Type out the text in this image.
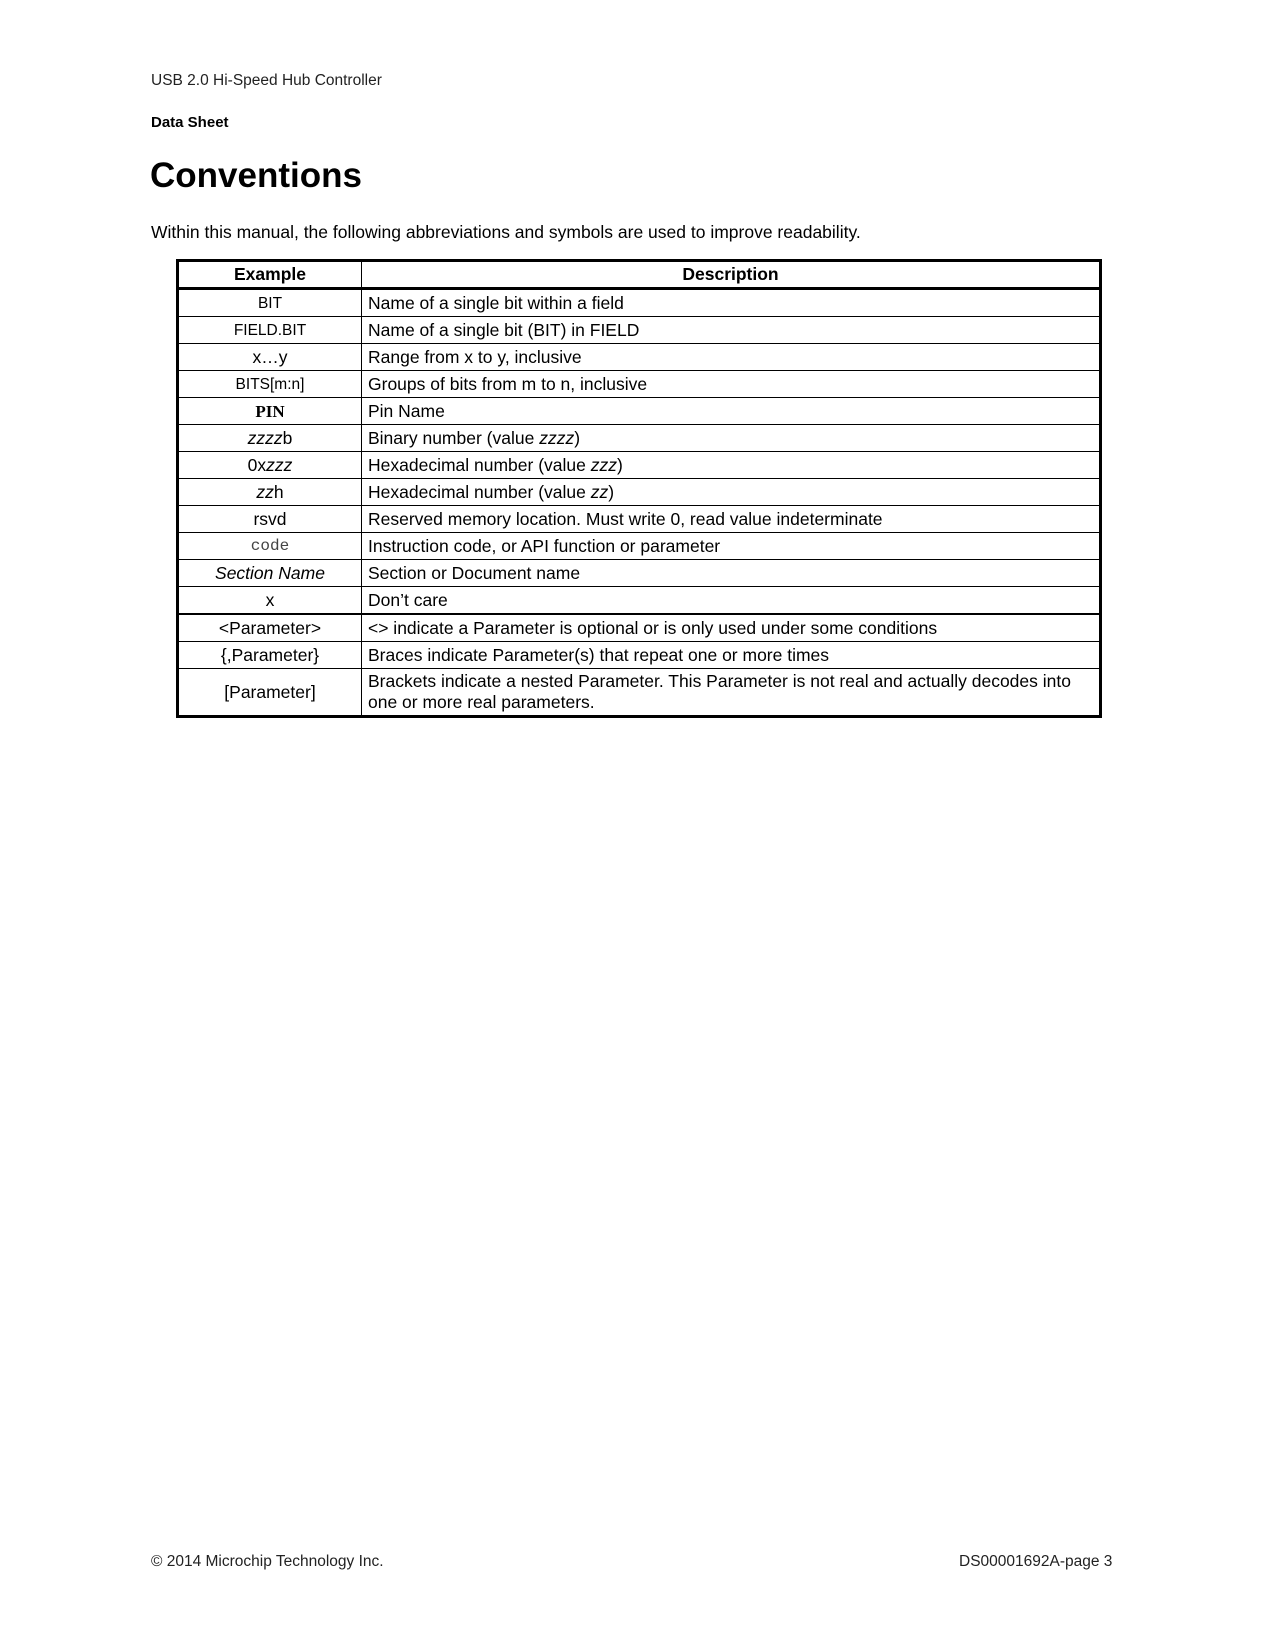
USB 2.0 Hi-Speed Hub Controller
Data Sheet
Conventions
Within this manual, the following abbreviations and symbols are used to improve readability.
Example	Description
BIT	Name of a single bit within a field
FIELD.BIT	Name of a single bit (BIT) in FIELD
x…y	Range from x to y, inclusive
BITS[m:n]	Groups of bits from m to n, inclusive
PIN	Pin Name
zzzzb	Binary number (value zzzz)
0xzzz	Hexadecimal number (value zzz)
zzh	Hexadecimal number (value zz)
rsvd	Reserved memory location. Must write 0, read value indeterminate
code	Instruction code, or API function or parameter
Section Name	Section or Document name
x	Don’t care
<Parameter>	<> indicate a Parameter is optional or is only used under some conditions
{,Parameter}	Braces indicate Parameter(s) that repeat one or more times
[Parameter]	Brackets indicate a nested Parameter. This Parameter is not real and actually decodes into one or more real parameters.
© 2014 Microchip Technology Inc.	DS00001692A-page 3
